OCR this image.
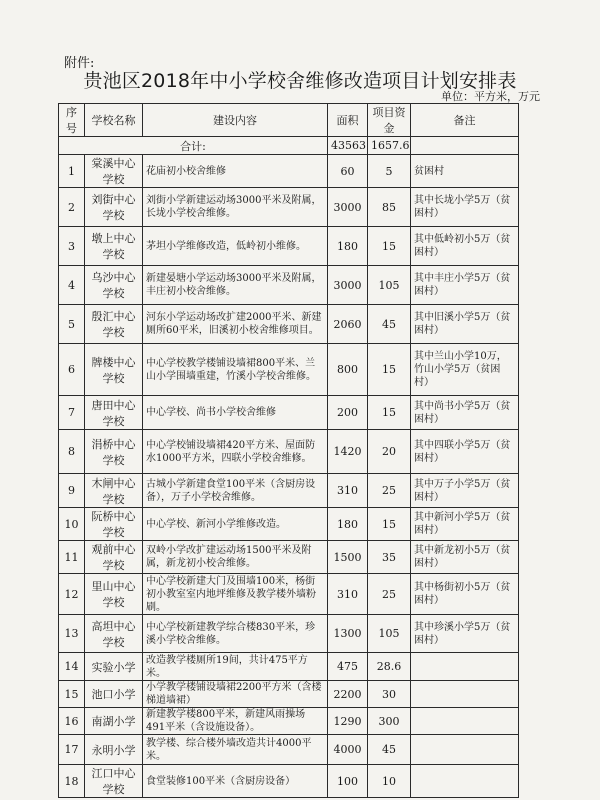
附件:
贵池区2018年中小学校舍维修改造项目计划安排表
单位：平方米，万元
序号	学校名称	建设内容	面积	项目资金	备注
合计:			43563	1657.6	
1	棠溪中心学校	花庙初小校舍维修	60	5	贫困村
2	刘街中心学校	刘街小学新建运动场3000平米及附属，长垅小学校舍维修。	3000	85	其中长垅小学5万（贫困村）
3	墩上中心学校	茅坦小学维修改造，低岭初小维修。	180	15	其中低岭初小5万（贫困村）
4	乌沙中心学校	新建晏塘小学运动场3000平米及附属，丰庄初小校舍维修。	3000	105	其中丰庄小学5万（贫困村）
5	殷汇中心学校	河东小学运动场改扩建2000平米、新建厕所60平米，旧溪初小校舍维修项目。	2060	45	其中旧溪小学5万（贫困村）
6	牌楼中心学校	中心学校教学楼铺设墙裙800平米、兰山小学围墙重建，竹溪小学校舍维修。	800	15	其中兰山小学10万，竹山小学5万（贫困村）
7	唐田中心学校	中心学校、尚书小学校舍维修	200	15	其中尚书小学5万（贫困村）
8	涓桥中心学校	中心学校铺设墙裙420平方米、屋面防水1000平方米，四联小学校舍维修。	1420	20	其中四联小学5万（贫困村）
9	木闸中心学校	古城小学新建食堂100平米（含厨房设备），万子小学校舍维修。	310	25	其中万子小学5万（贫困村）
10	阮桥中心学校	中心学校、新河小学维修改造。	180	15	其中新河小学5万（贫困村）
11	观前中心学校	双岭小学改扩建运动场1500平米及附属，新龙初小校舍维修。	1500	35	其中新龙初小5万（贫困村）
12	里山中心学校	中心学校新建大门及围墙100米，杨街初小教室室内地坪维修及教学楼外墙粉刷。	310	25	其中杨街初小5万（贫困村）
13	高坦中心学校	中心学校新建教学综合楼830平米，珍溪小学校舍维修。	1300	105	其中珍溪小学5万（贫困村）
14	实验小学	改造教学楼厕所19间，共计475平方米。	475	28.6	
15	池口小学	小学教学楼铺设墙裙2200平方米（含楼梯道墙裙）	2200	30	
16	南湖小学	新建教学楼800平米，新建风雨操场491平米（含设施设备）。	1290	300	
17	永明小学	教学楼、综合楼外墙改造共计4000平米。	4000	45	
18	江口中心学校	食堂装修100平米（含厨房设备）	100	10	
